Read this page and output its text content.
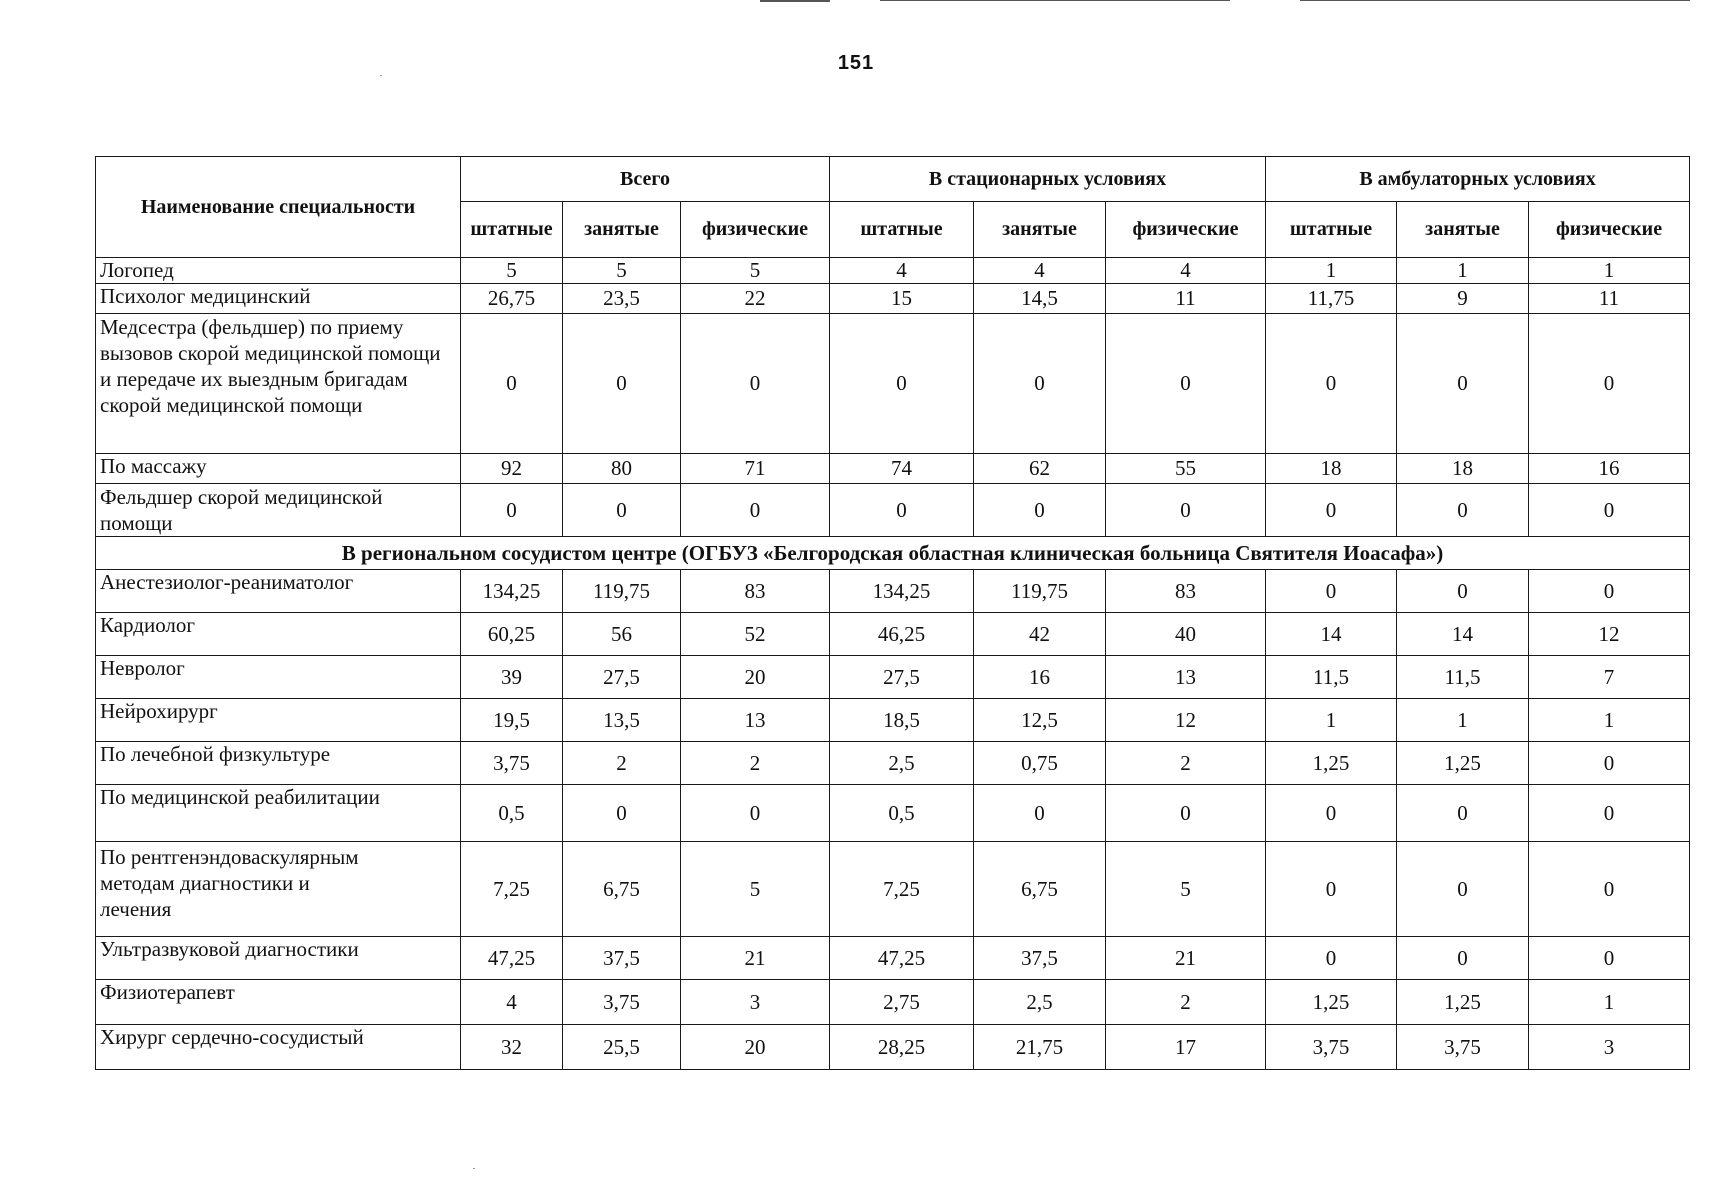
151
Наименование специальности	Всего			В стационарных условиях			В амбулаторных условиях		
	штатные	занятые	физические	штатные	занятые	физические	штатные	занятые	физические
Логопед	5	5	5	4	4	4	1	1	1
Психолог медицинский	26,75	23,5	22	15	14,5	11	11,75	9	11
Медсестра (фельдшер) по приему вызовов скорой медицинской помощи и передаче их выездным бригадам скорой медицинской помощи	0	0	0	0	0	0	0	0	0
По массажу	92	80	71	74	62	55	18	18	16
Фельдшер скорой медицинской помощи	0	0	0	0	0	0	0	0	0
В региональном сосудистом центре (ОГБУЗ «Белгородская областная клиническая больница Святителя Иоасафа»)									
Анестезиолог-реаниматолог	134,25	119,75	83	134,25	119,75	83	0	0	0
Кардиолог	60,25	56	52	46,25	42	40	14	14	12
Невролог	39	27,5	20	27,5	16	13	11,5	11,5	7
Нейрохирург	19,5	13,5	13	18,5	12,5	12	1	1	1
По лечебной физкультуре	3,75	2	2	2,5	0,75	2	1,25	1,25	0
По медицинской реабилитации	0,5	0	0	0,5	0	0	0	0	0
По рентгенэндоваскулярным методам диагностики и лечения	7,25	6,75	5	7,25	6,75	5	0	0	0
Ультразвуковой диагностики	47,25	37,5	21	47,25	37,5	21	0	0	0
Физиотерапевт	4	3,75	3	2,75	2,5	2	1,25	1,25	1
Хирург сердечно-сосудистый	32	25,5	20	28,25	21,75	17	3,75	3,75	3
